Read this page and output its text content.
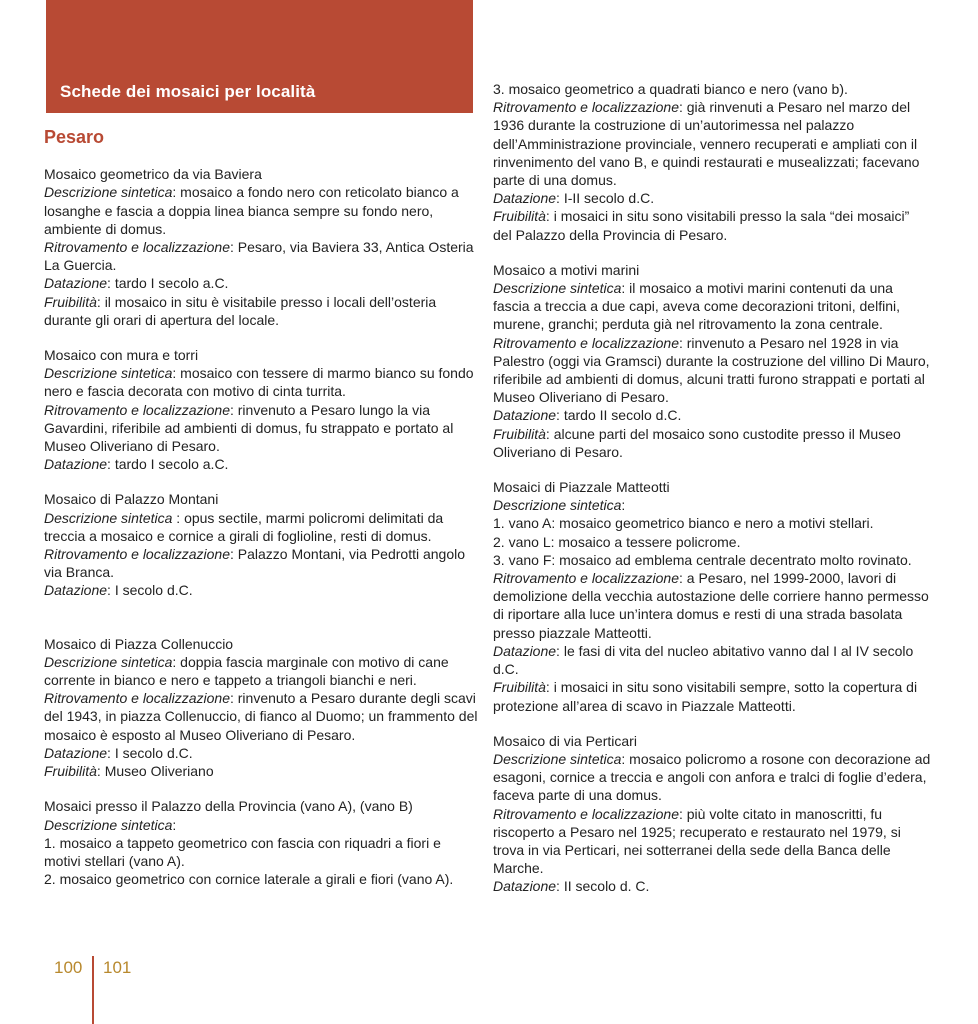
Schede dei mosaici per località
Pesaro
Mosaico geometrico da via Baviera
Descrizione sintetica: mosaico a fondo nero con reticolato bianco a losanghe e fascia a doppia linea bianca sempre su fondo nero, ambiente di domus.
Ritrovamento e localizzazione: Pesaro, via Baviera 33, Antica Osteria La Guercia.
Datazione: tardo I secolo a.C.
Fruibilità: il mosaico in situ è visitabile presso i locali dell’osteria durante gli orari di apertura del locale.
Mosaico con mura e torri
Descrizione sintetica: mosaico con tessere di marmo bianco su fondo nero e fascia decorata con motivo di cinta turrita.
Ritrovamento e localizzazione: rinvenuto a Pesaro lungo la via Gavardini, riferibile ad ambienti di domus, fu strappato e portato al Museo Oliveriano di Pesaro.
Datazione: tardo I secolo a.C.
Mosaico di Palazzo Montani
Descrizione sintetica : opus sectile, marmi policromi delimitati da treccia a mosaico e cornice a girali di foglioline, resti di domus.
Ritrovamento e localizzazione: Palazzo Montani, via Pedrotti angolo via Branca.
Datazione: I secolo d.C.
Mosaico di Piazza Collenuccio
Descrizione sintetica: doppia fascia marginale con motivo di cane corrente in bianco e nero e tappeto a triangoli bianchi e neri.
Ritrovamento e localizzazione: rinvenuto a Pesaro durante degli scavi del 1943, in piazza Collenuccio, di fianco al Duomo; un frammento del mosaico è esposto al Museo Oliveriano di Pesaro.
Datazione: I secolo d.C.
Fruibilità: Museo Oliveriano
Mosaici presso il Palazzo della Provincia (vano A), (vano B)
Descrizione sintetica:
1. mosaico a tappeto geometrico con fascia con riquadri a fiori e motivi stellari (vano A).
2. mosaico geometrico con cornice laterale a girali e fiori (vano A).
3. mosaico geometrico a quadrati bianco e nero (vano b).
Ritrovamento e localizzazione: già rinvenuti a Pesaro nel marzo del 1936 durante la costruzione di un’autorimessa nel palazzo dell’Amministrazione provinciale, vennero recuperati e ampliati con il rinvenimento del vano B, e quindi restaurati e musealizzati; facevano parte di una domus.
Datazione: I-II secolo d.C.
Fruibilità: i mosaici in situ sono visitabili presso la sala “dei mosaici” del Palazzo della Provincia di Pesaro.
Mosaico a motivi marini
Descrizione sintetica: il mosaico a motivi marini contenuti da una fascia a treccia a due capi, aveva come decorazioni tritoni, delfini, murene, granchi; perduta già nel ritrovamento la zona centrale.
Ritrovamento e localizzazione: rinvenuto a Pesaro nel 1928 in via Palestro (oggi via Gramsci) durante la costruzione del villino Di Mauro, riferibile ad ambienti di domus, alcuni tratti furono strappati e portati al Museo Oliveriano di Pesaro.
Datazione: tardo II secolo d.C.
Fruibilità: alcune parti del mosaico sono custodite presso il Museo Oliveriano di Pesaro.
Mosaici di Piazzale Matteotti
Descrizione sintetica:
1. vano A: mosaico geometrico bianco e nero a motivi stellari.
2. vano L: mosaico a tessere policrome.
3. vano F: mosaico ad emblema centrale decentrato molto rovinato.
Ritrovamento e localizzazione: a Pesaro, nel 1999-2000, lavori di demolizione della vecchia autostazione delle corriere hanno permesso di riportare alla luce un’intera domus e resti di una strada basolata presso piazzale Matteotti.
Datazione: le fasi di vita del nucleo abitativo vanno dal I al IV secolo d.C.
Fruibilità: i mosaici in situ sono visitabili sempre, sotto la copertura di protezione all’area di scavo in Piazzale Matteotti.
Mosaico di via Perticari
Descrizione sintetica: mosaico policromo a rosone con decorazione ad esagoni, cornice a treccia e angoli con anfora e tralci di foglie d’edera, faceva parte di una domus.
Ritrovamento e localizzazione: più volte citato in manoscritti, fu riscoperto a Pesaro nel 1925; recuperato e restaurato nel 1979, si trova in via Perticari, nei sotterranei della sede della Banca delle Marche.
Datazione: II secolo d. C.
100 101
